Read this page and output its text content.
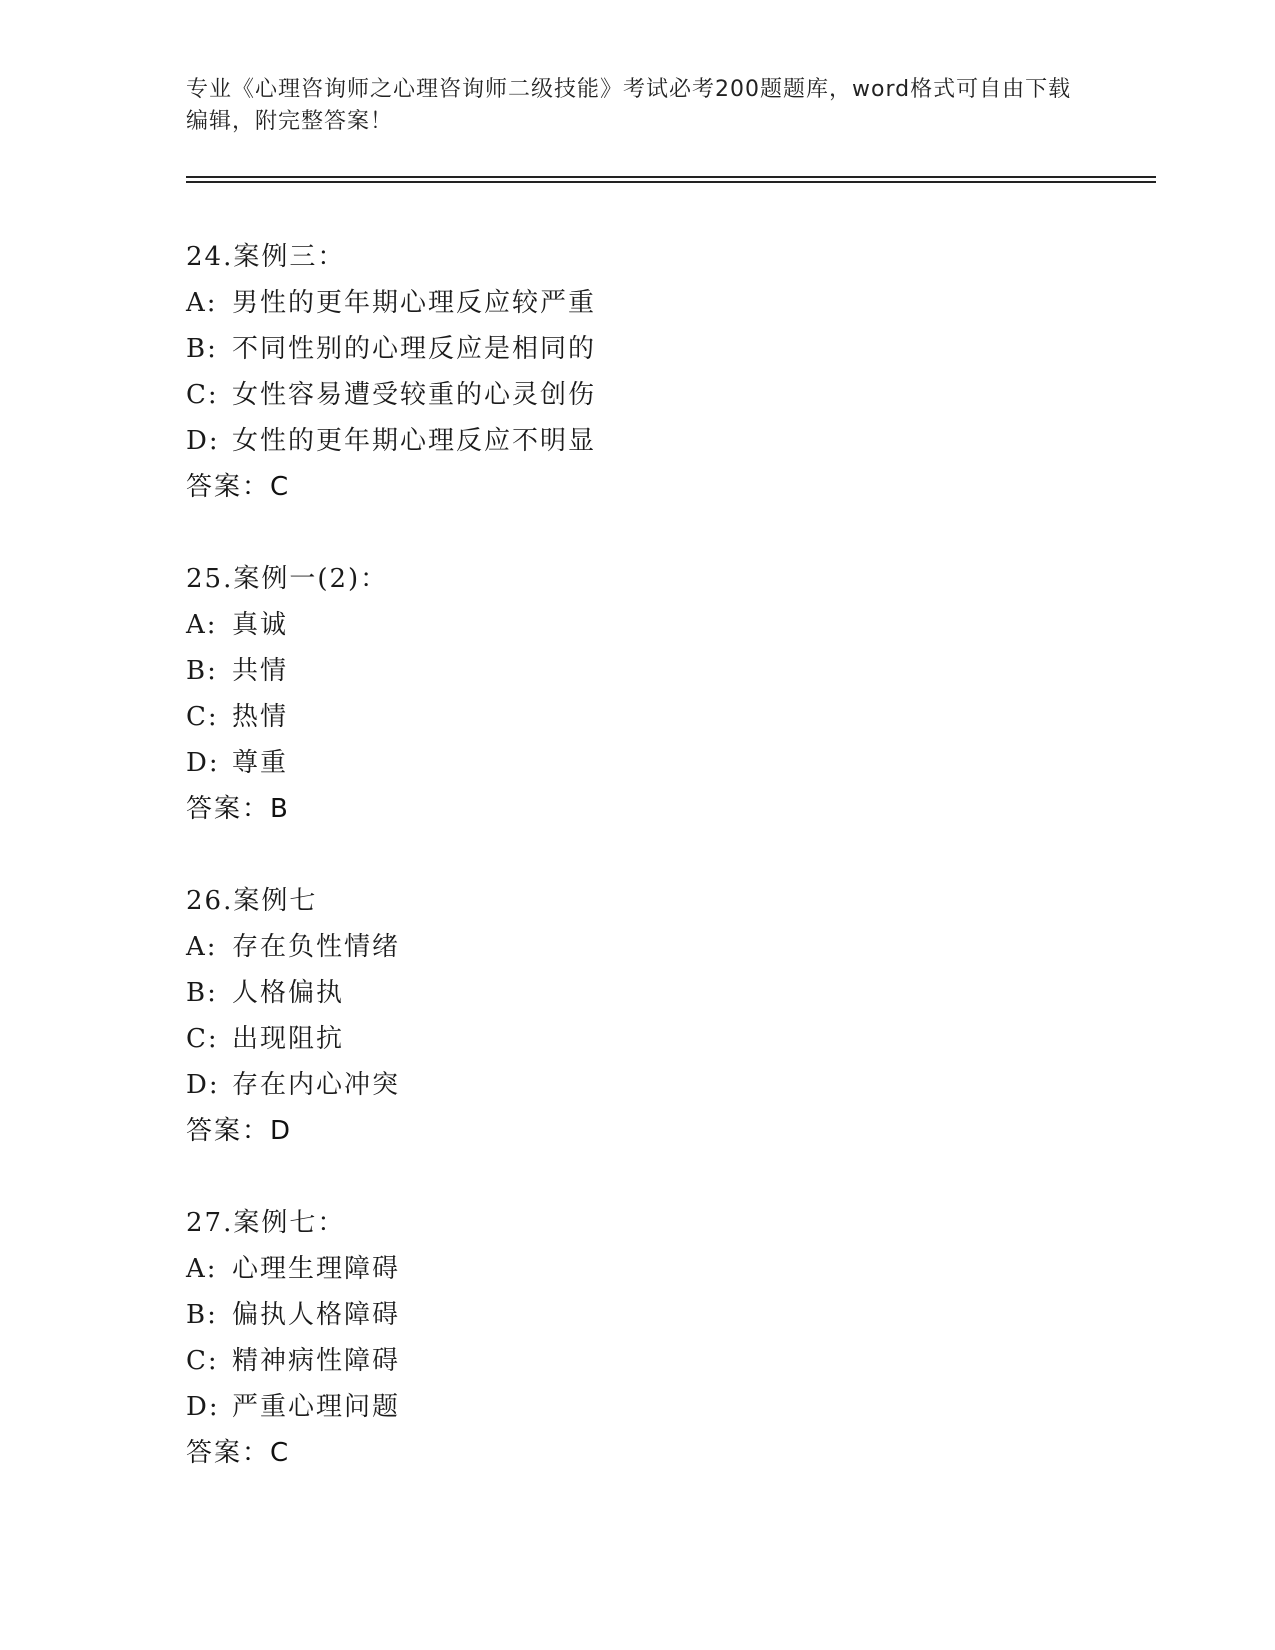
专业《心理咨询师之心理咨询师二级技能》考试必考200题题库，word格式可自由下载编辑，附完整答案！
24.案例三：
A: 男性的更年期心理反应较严重
B: 不同性别的心理反应是相同的
C: 女性容易遭受较重的心灵创伤
D: 女性的更年期心理反应不明显
答案：C
25.案例一(2)：
A: 真诚
B: 共情
C: 热情
D: 尊重
答案：B
26.案例七
A: 存在负性情绪
B: 人格偏执
C: 出现阻抗
D: 存在内心冲突
答案：D
27.案例七：
A: 心理生理障碍
B: 偏执人格障碍
C: 精神病性障碍
D: 严重心理问题
答案：C
